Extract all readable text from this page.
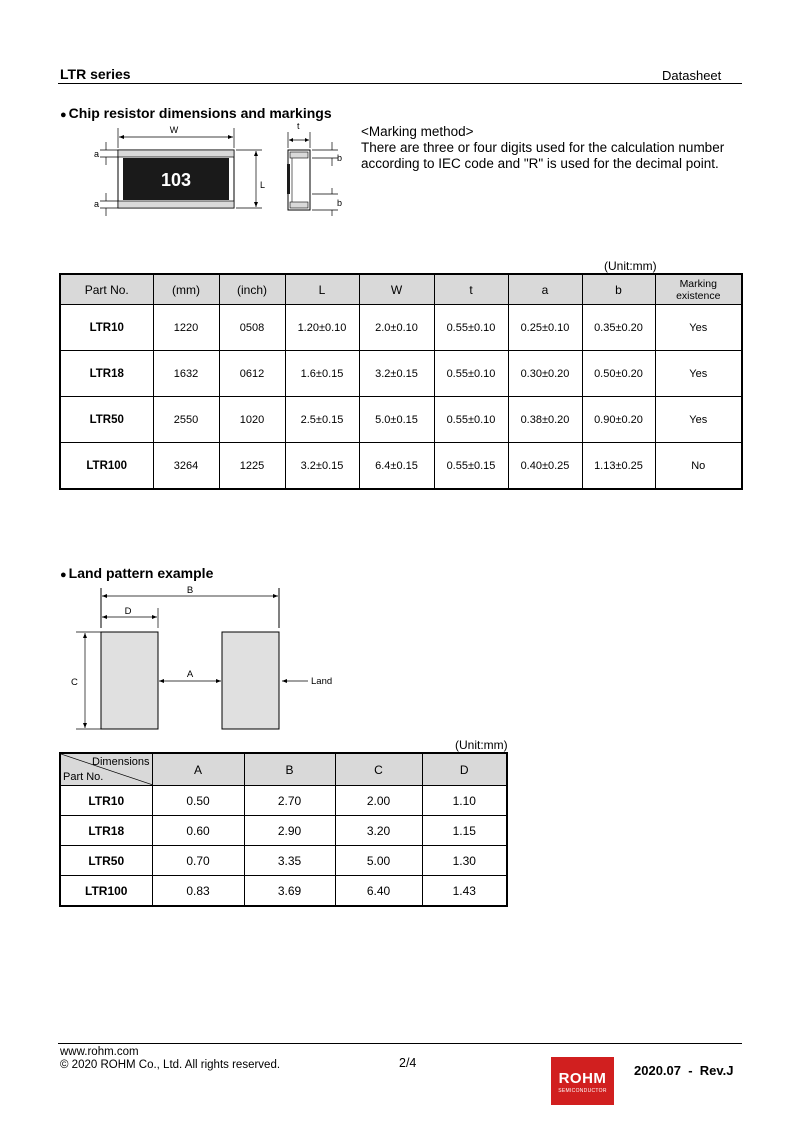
LTR series	Datasheet
● Chip resistor dimensions and markings
W
103
a
a
L
t
b
b
<Marking method>
There are three or four digits used for the calculation number
according to IEC code and "R" is used for the decimal point.
(Unit:mm)
Part No.	(mm)	(inch)	L	W	t	a	b	Marking
existence
LTR10	1220	0508	1.20±0.10	2.0±0.10	0.55±0.10	0.25±0.10	0.35±0.20	Yes
LTR18	1632	0612	1.6±0.15	3.2±0.15	0.55±0.10	0.30±0.20	0.50±0.20	Yes
LTR50	2550	1020	2.5±0.15	5.0±0.15	0.55±0.10	0.38±0.20	0.90±0.20	Yes
LTR100	3264	1225	3.2±0.15	6.4±0.15	0.55±0.15	0.40±0.25	1.13±0.25	No
● Land pattern example
B
D
C
A
Land
(Unit:mm)
Dimensions
Part No.	A	B	C	D
LTR10	0.50	2.70	2.00	1.10
LTR18	0.60	2.90	3.20	1.15
LTR50	0.70	3.35	5.00	1.30
LTR100	0.83	3.69	6.40	1.43
www.rohm.com
© 2020 ROHM Co., Ltd. All rights reserved.	2/4
ROHM
SEMICONDUCTOR
2020.07  -  Rev.J
